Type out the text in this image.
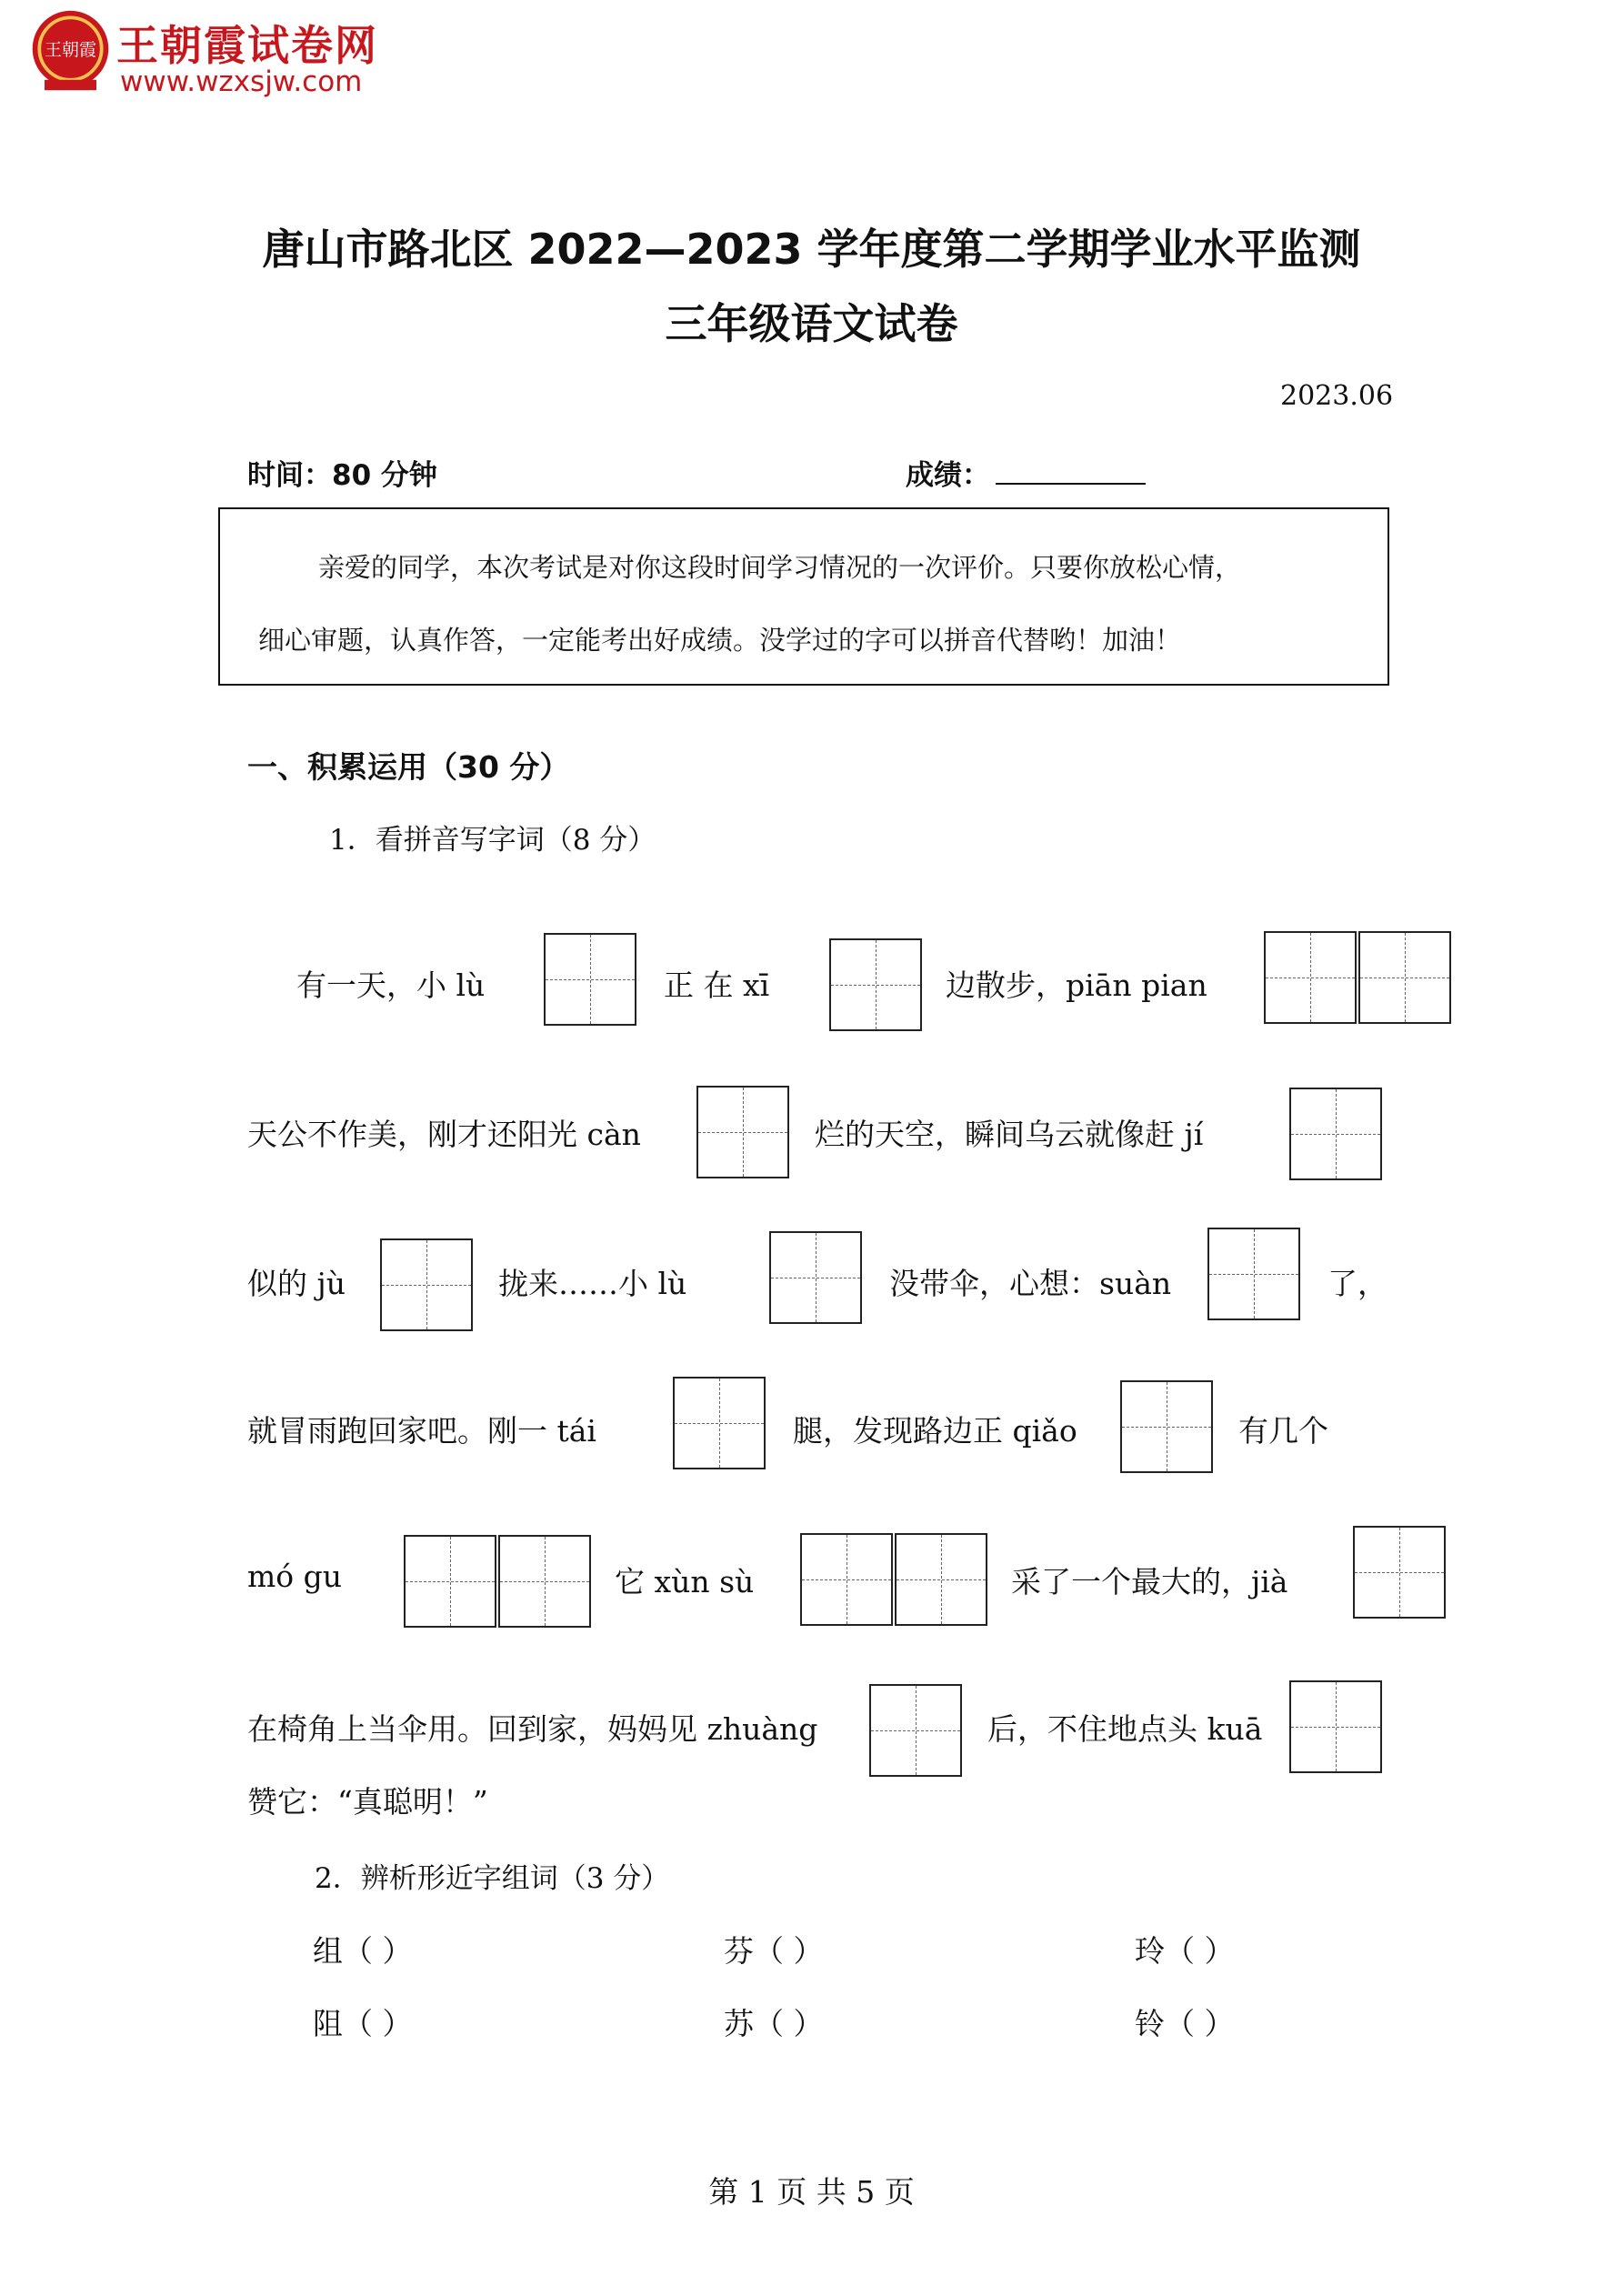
王朝霞 王朝霞试卷网
www.wzxsjw.com
唐山市路北区 2022—2023 学年度第二学期学业水平监测
三年级语文试卷
2023.06
时间：80 分钟	成绩：

亲爱的同学，本次考试是对你这段时间学习情况的一次评价。只要你放松心情，

细心审题，认真作答，一定能考出好成绩。没学过的字可以拼音代替哟！加油！

一、积累运用（30 分）
1．看拼音写字词（8 分）
有一天，小 lù	正 在 xī	边散步，piān pian
天公不作美，刚才还阳光 càn	烂的天空，瞬间乌云就像赶 jí
似的 jù	拢来……小 lù	没带伞，心想：suàn	了，
就冒雨跑回家吧。刚一 tái	腿，发现路边正 qiǎo	有几个
mó gu	它 xùn sù	采了一个最大的，jià
在椅角上当伞用。回到家，妈妈见 zhuàng	后，不住地点头 kuā
赞它：“真聪明！”
2．辨析形近字组词（3 分）
组（ ）	芬（ ）	玲（ ）
阻（ ）	苏（ ）	铃（ ）
第 1 页 共 5 页
